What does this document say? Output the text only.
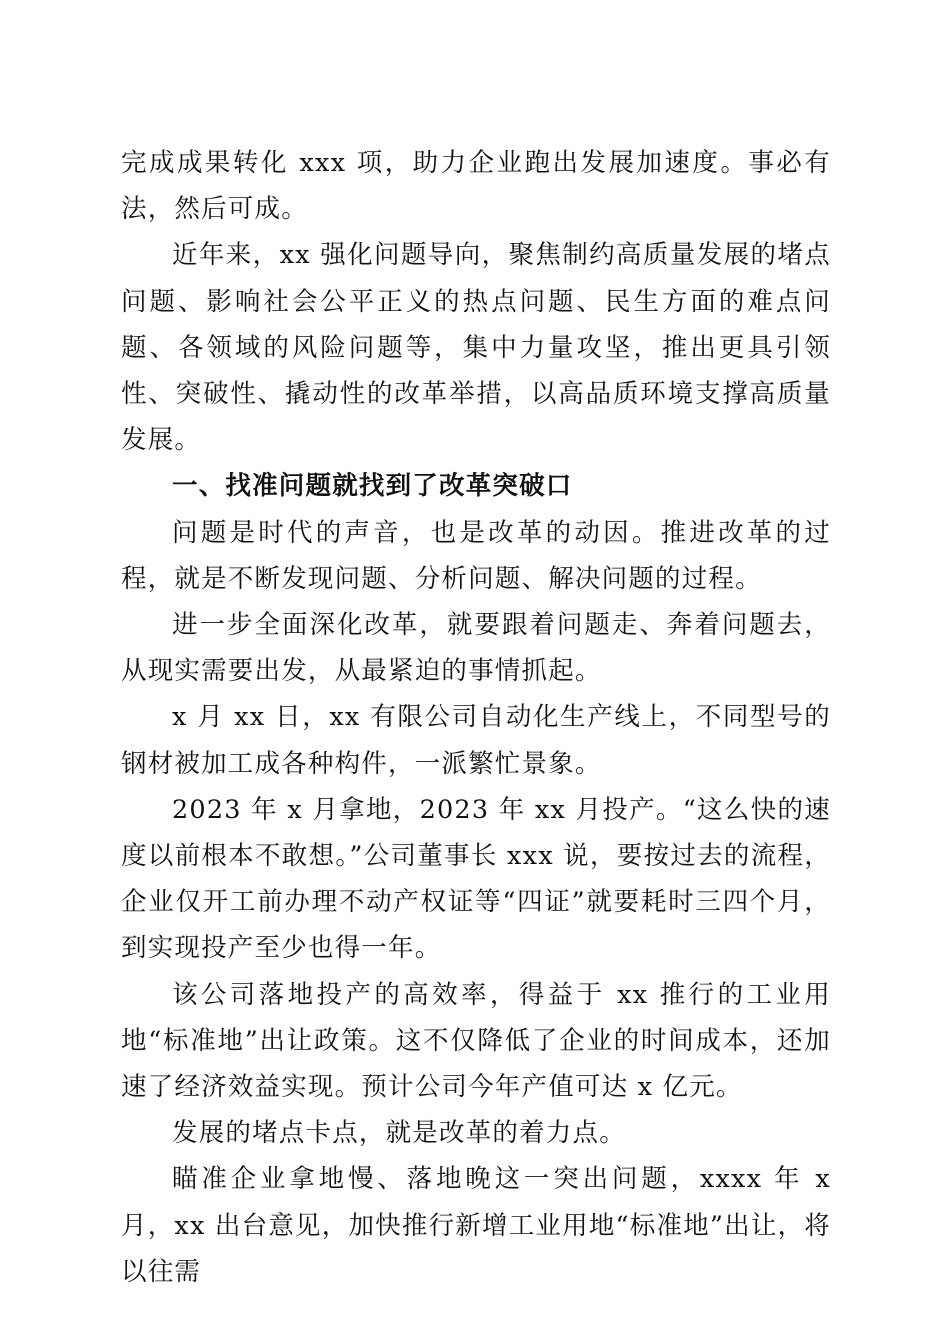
完成成果转化 xxx 项，助力企业跑出发展加速度。事必有法，然后可成。

近年来，xx 强化问题导向，聚焦制约高质量发展的堵点问题、影响社会公平正义的热点问题、民生方面的难点问题、各领域的风险问题等，集中力量攻坚，推出更具引领性、突破性、撬动性的改革举措，以高品质环境支撑高质量发展。

一、找准问题就找到了改革突破口

问题是时代的声音，也是改革的动因。推进改革的过程，就是不断发现问题、分析问题、解决问题的过程。

进一步全面深化改革，就要跟着问题走、奔着问题去，从现实需要出发，从最紧迫的事情抓起。

x 月 xx 日，xx 有限公司自动化生产线上，不同型号的钢材被加工成各种构件，一派繁忙景象。

2023 年 x 月拿地，2023 年 xx 月投产。“这么快的速度以前根本不敢想。”公司董事长 xxx 说，要按过去的流程，企业仅开工前办理不动产权证等“四证”就要耗时三四个月，到实现投产至少也得一年。

该公司落地投产的高效率，得益于 xx 推行的工业用地“标准地”出让政策。这不仅降低了企业的时间成本，还加速了经济效益实现。预计公司今年产值可达 x 亿元。

发展的堵点卡点，就是改革的着力点。

瞄准企业拿地慢、落地晚这一突出问题，xxxx 年 x 月，xx 出台意见，加快推行新增工业用地“标准地”出让，将以往需
